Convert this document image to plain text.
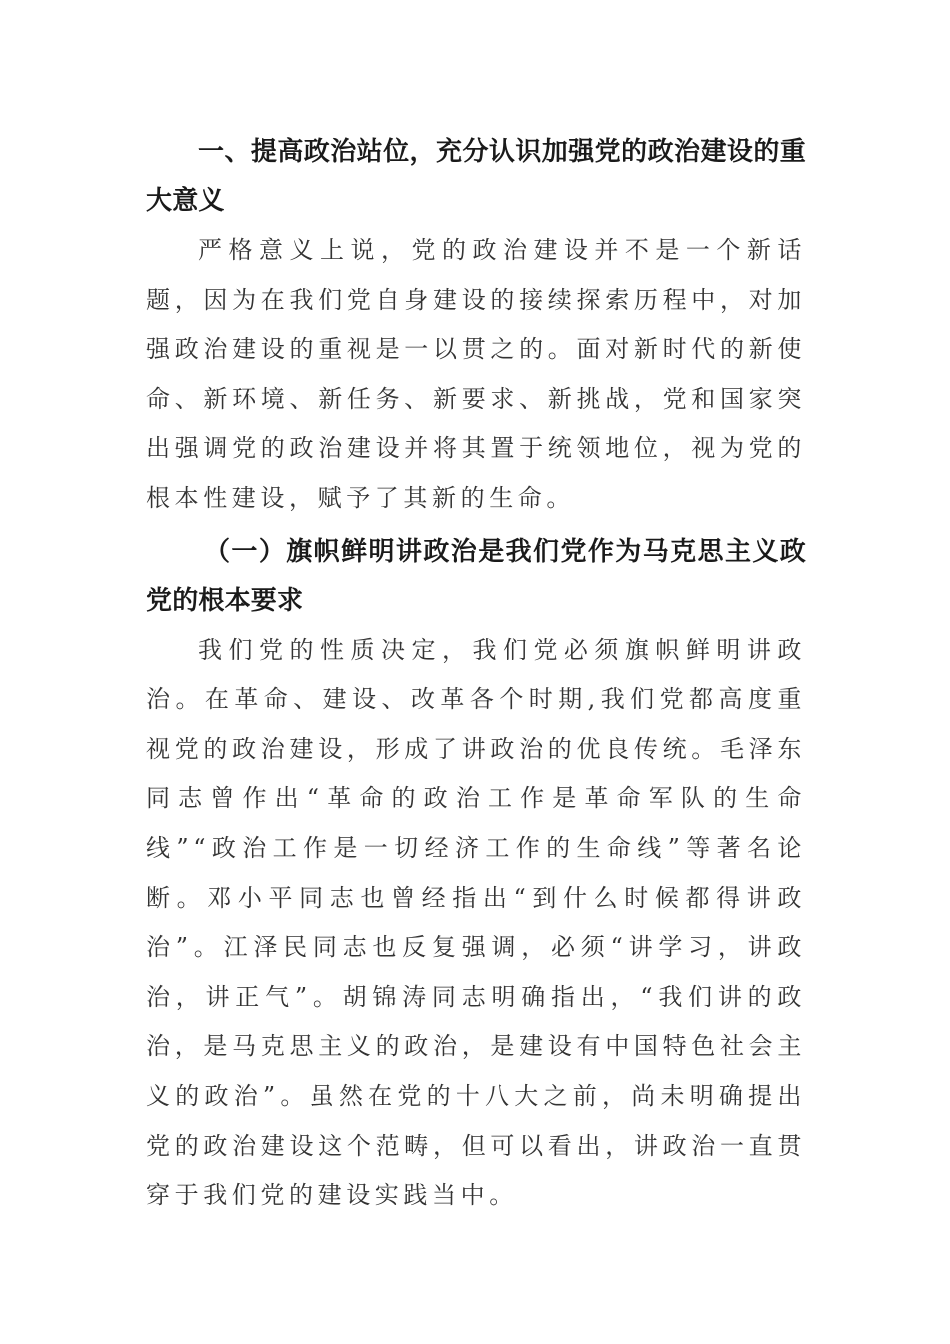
一、提高政治站位，充分认识加强党的政治建设的重大意义

严格意义上说，党的政治建设并不是一个新话题，因为在我们党自身建设的接续探索历程中，对加强政治建设的重视是一以贯之的。面对新时代的新使命、新环境、新任务、新要求、新挑战，党和国家突出强调党的政治建设并将其置于统领地位，视为党的根本性建设，赋予了其新的生命。

（一）旗帜鲜明讲政治是我们党作为马克思主义政党的根本要求

我们党的性质决定，我们党必须旗帜鲜明讲政治。在革命、建设、改革各个时期,我们党都高度重视党的政治建设，形成了讲政治的优良传统。毛泽东同志曾作出“革命的政治工作是革命军队的生命线”“政治工作是一切经济工作的生命线”等著名论断。邓小平同志也曾经指出“到什么时候都得讲政治”。江泽民同志也反复强调，必须“讲学习，讲政治，讲正气”。胡锦涛同志明确指出，“我们讲的政治，是马克思主义的政治，是建设有中国特色社会主义的政治”。虽然在党的十八大之前，尚未明确提出党的政治建设这个范畴，但可以看出，讲政治一直贯穿于我们党的建设实践当中。
